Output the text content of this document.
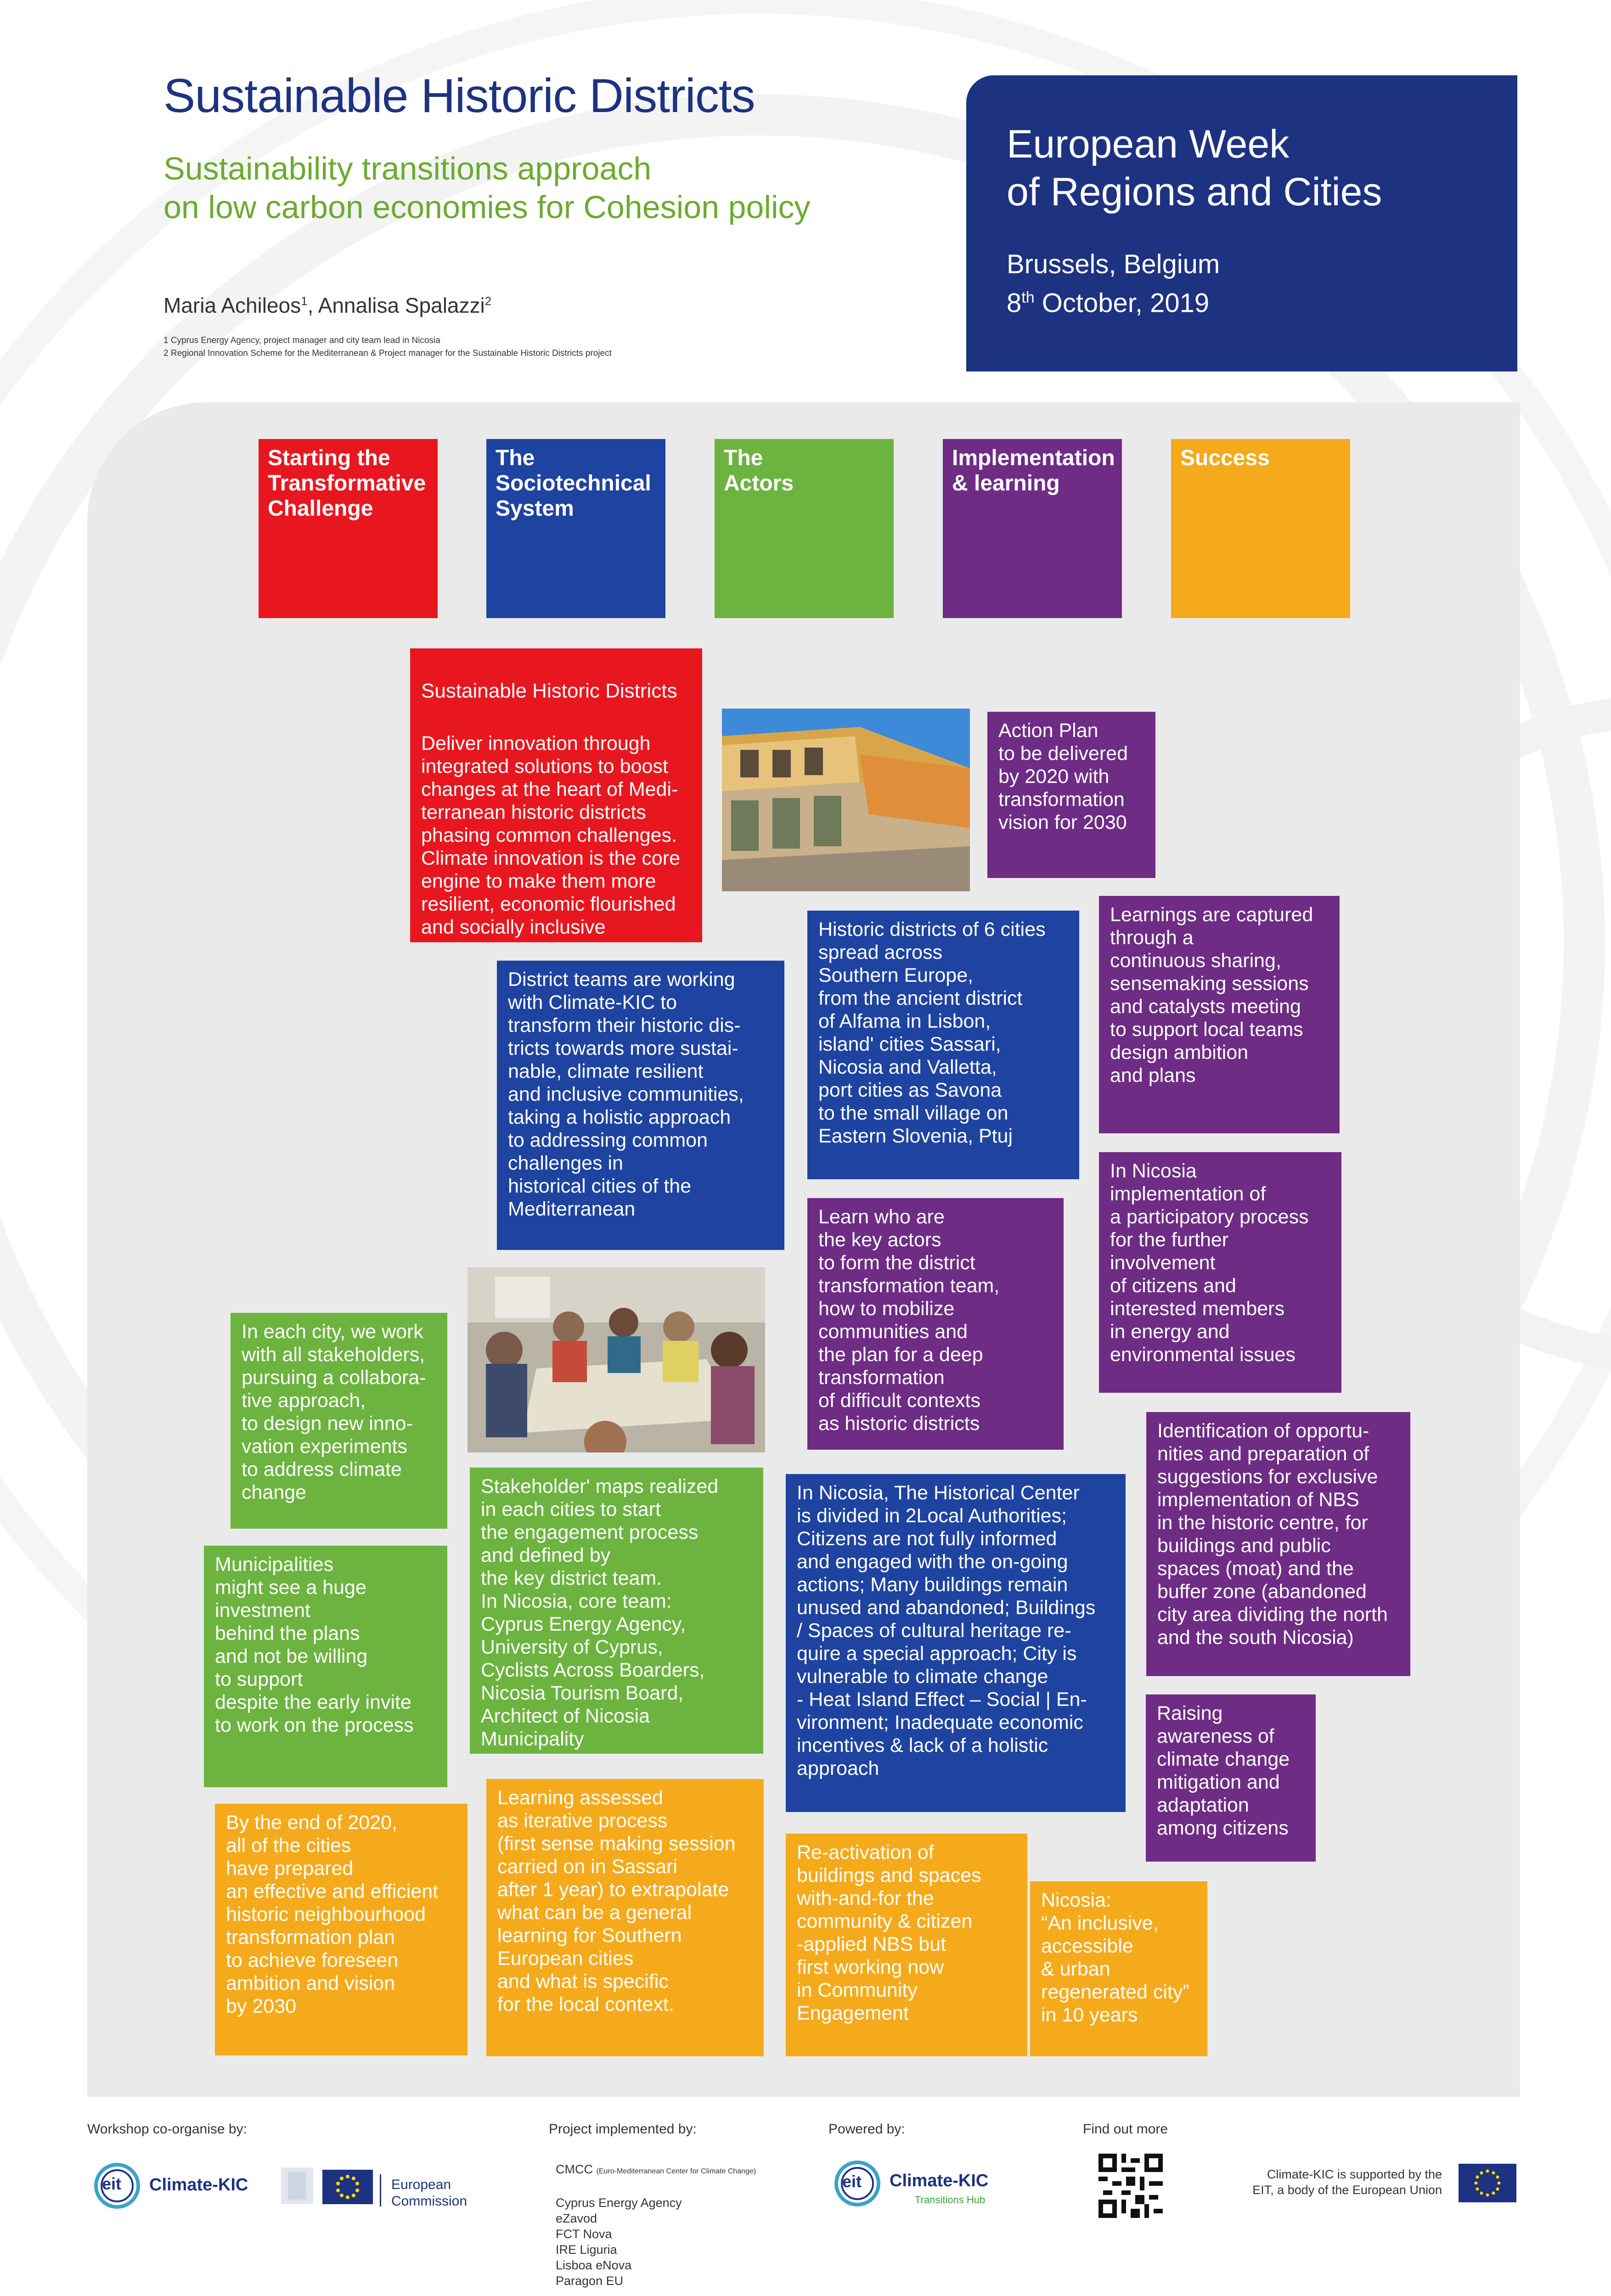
Sustainable Historic Districts
Sustainability transitions approach
on low carbon economies for Cohesion policy
Maria Achileos$^1$, Annalisa Spalazzi$^2$
1 Cyprus Energy Agency, project manager and city team lead in Nicosia
2 Regional Innovation Scheme for the Mediterranean & Project manager for the Sustainable Historic Districts project
European Week
of Regions and Cities
Brussels, Belgium
8th October, 2019
Starting the
Transformative
Challenge
The
Sociotechnical
System
The
Actors
Implementation
& learning
Success

Sustainable Historic Districts

Deliver innovation through
integrated solutions to boost
changes at the heart of Medi-
terranean historic districts
phasing common challenges.
Climate innovation is the core
engine to make them more
resilient, economic flourished
and socially inclusive

Action Plan
to be delivered
by 2020 with
transformation
vision for 2030
Historic districts of 6 cities
spread across
Southern Europe,
from the ancient district
of Alfama in Lisbon,
island' cities Sassari,
Nicosia and Valletta,
port cities as Savona
to the small village on
Eastern Slovenia, Ptuj
Learnings are captured
through a
continuous sharing,
sensemaking sessions
and catalysts meeting
to support local teams
design ambition
and plans
District teams are working
with Climate-KIC to
transform their historic dis-
tricts towards more sustai-
nable, climate resilient
and inclusive communities,
taking a holistic approach
to addressing common
challenges in
historical cities of the
Mediterranean
In Nicosia
implementation of
a participatory process
for the further
involvement
of citizens and
interested members
in energy and
environmental issues
Learn who are
the key actors
to form the district
transformation team,
how to mobilize
communities and
the plan for a deep
transformation
of difficult contexts
as historic districts
In each city, we work
with all stakeholders,
pursuing a collabora-
tive approach,
to design new inno-
vation experiments
to address climate
change
Identification of opportu-
nities and preparation of
suggestions for exclusive
implementation of NBS
in the historic centre, for
buildings and public
spaces (moat) and the
buffer zone (abandoned
city area dividing the north
and the south Nicosia)
Stakeholder' maps realized
in each cities to start
the engagement process
and defined by
the key district team.
In Nicosia, core team:
Cyprus Energy Agency,
University of Cyprus,
Cyclists Across Boarders,
Nicosia Tourism Board,
Architect of Nicosia
Municipality
In Nicosia, The Historical Center
is divided in 2Local Authorities;
Citizens are not fully informed
and engaged with the on-going
actions; Many buildings remain
unused and abandoned; Buildings
/ Spaces of cultural heritage re-
quire a special approach; City is
vulnerable to climate change
- Heat Island Effect – Social | En-
vironment; Inadequate economic
incentives & lack of a holistic
approach
Municipalities
might see a huge
investment
behind the plans
and not be willing
to support
despite the early invite
to work on the process
Raising
awareness of
climate change
mitigation and
adaptation
among citizens
Learning assessed
as iterative process
(first sense making session
carried on in Sassari
after 1 year) to extrapolate
what can be a general
learning for Southern
European cities
and what is specific
for the local context.
By the end of 2020,
all of the cities
have prepared
an effective and efficient
historic neighbourhood
transformation plan
to achieve foreseen
ambition and vision
by 2030
Re-activation of
buildings and spaces
with-and-for the
community & citizen
-applied NBS but
first working now
in Community
Engagement
Nicosia:
“An inclusive,
accessible
& urban
regenerated city”
in 10 years
Workshop co-organise by:	Project implemented by:	Powered by:	Find out more
eit Climate-KIC	European
Commission

CMCC (Euro-Mediterranean Center for Climate Change)

Cyprus Energy Agency
eZavod
FCT Nova
IRE Liguria
Lisboa eNova
Paragon EU

eit Climate-KIC
Transitions Hub
Climate-KIC is supported by the
EIT, a body of the European Union
